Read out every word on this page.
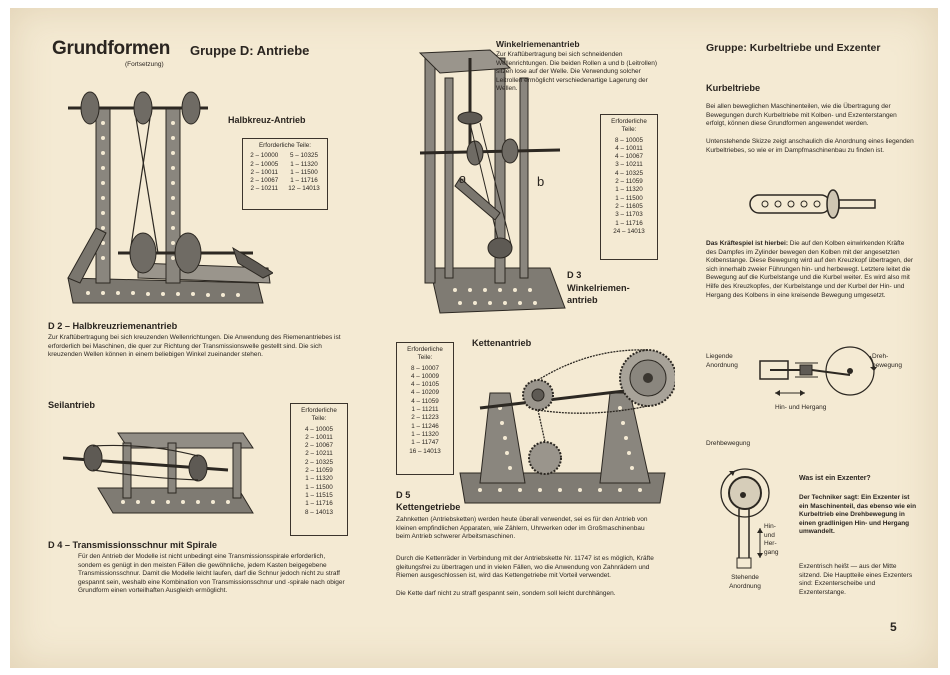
Grundformen
(Fortsetzung)
Gruppe D: Antriebe
Halbkreuz-Antrieb
Erforderliche Teile:
2 – 10000
2 – 10005
2 – 10011
2 – 10067
2 – 10211
5 – 10325
1 – 11320
1 – 11500
1 – 11716
12 – 14013
D 2 – Halbkreuzriemenantrieb
Zur Kraftübertragung bei sich kreuzenden Wellenrichtungen. Die Anwendung des Riemenantriebes ist erforderlich bei Maschinen, die quer zur Richtung der Transmissionswelle gestellt sind. Die sich kreuzenden Wellen können in einem beliebigen Winkel zueinander stehen.
Seilantrieb
Erforderliche Teile:
4 – 10005
2 – 10011
2 – 10067
2 – 10211
2 – 10325
2 – 11059
1 – 11320
1 – 11500
1 – 11515
1 – 11716
8 – 14013
D 4 – Transmissionsschnur mit Spirale
Für den Antrieb der Modelle ist nicht unbedingt eine Transmissionsspirale erforderlich, sondern es genügt in den meisten Fällen die gewöhnliche, jedem Kasten beigegebene Transmissionsschnur. Damit die Modelle leicht laufen, darf die Schnur jedoch nicht zu straff gespannt sein, weshalb eine Kombination von Transmissionsschnur und -spirale nach obiger Grundform einen vorteilhaften Ausgleich ermöglicht.
a	b
Winkelriemenantrieb
Zur Kraftübertragung bei sich schneidenden Wellenrichtungen. Die beiden Rollen a und b (Leitrollen) sitzen lose auf der Welle. Die Verwendung solcher Leitrollen ermöglicht verschiedenartige Lagerung der Wellen.
Erforderliche Teile:
8 – 10005
4 – 10011
4 – 10067
3 – 10211
4 – 10325
2 – 11059
1 – 11320
1 – 11500
2 – 11605
3 – 11703
1 – 11716
24 – 14013
D 3
Winkelriemen-
antrieb
Erforderliche Teile:
8 – 10007
4 – 10009
4 – 10105
4 – 10209
4 – 11059
1 – 11211
2 – 11223
1 – 11246
1 – 11320
1 – 11747
16 – 14013
Kettenantrieb
D 5
Kettengetriebe
Zahnketten (Antriebsketten) werden heute überall verwendet, sei es für den Antrieb von kleinen empfindlichen Apparaten, wie Zählern, Uhrwerken oder im Großmaschinenbau beim Antrieb schwerer Arbeitsmaschinen.
Durch die Kettenräder in Verbindung mit der Antriebskette Nr. 11747 ist es möglich, Kräfte gleitungsfrei zu übertragen und in vielen Fällen, wo die Anwendung von Zahnrädern und Riemen ausgeschlossen ist, wird das Kettengetriebe mit Vorteil verwendet.
Die Kette darf nicht zu straff gespannt sein, sondern soll leicht durchhängen.
Gruppe: Kurbeltriebe und Exzenter
Kurbeltriebe
Bei allen beweglichen Maschinenteilen, wie die Übertragung der Bewegungen durch Kurbeltriebe mit Kolben- und Exzenterstangen erfolgt, können diese Grundformen angewendet werden.
Untenstehende Skizze zeigt anschaulich die Anordnung eines liegenden Kurbeltriebes, so wie er im Dampfmaschinenbau zu finden ist.
Das Kräftespiel ist hierbei: Die auf den Kolben einwirkenden Kräfte des Dampfes im Zylinder bewegen den Kolben mit der angesetzten Kolbenstange. Diese Bewegung wird auf den Kreuzkopf übertragen, der sich innerhalb zweier Führungen hin- und herbewegt. Letztere leitet die Bewegung auf die Kurbelstange und die Kurbel weiter. Es wird also mit Hilfe des Kreuzkopfes, der Kurbelstange und der Kurbel der Hin- und Hergang des Kolbens in eine kreisende Bewegung umgesetzt.
Liegende
Anordnung
Dreh-
bewegung
Hin- und Hergang
Drehbewegung
Hin-
und
Her-
gang
Stehende
Anordnung
Was ist ein Exzenter?
Der Techniker sagt: Ein Exzenter ist ein Maschinenteil, das ebenso wie ein Kurbeltrieb eine Drehbewegung in einen gradlinigen Hin- und Hergang umwandelt.
Exzentrisch heißt — aus der Mitte sitzend. Die Hauptteile eines Exzenters sind: Exzenterscheibe und Exzenterstange.
5
